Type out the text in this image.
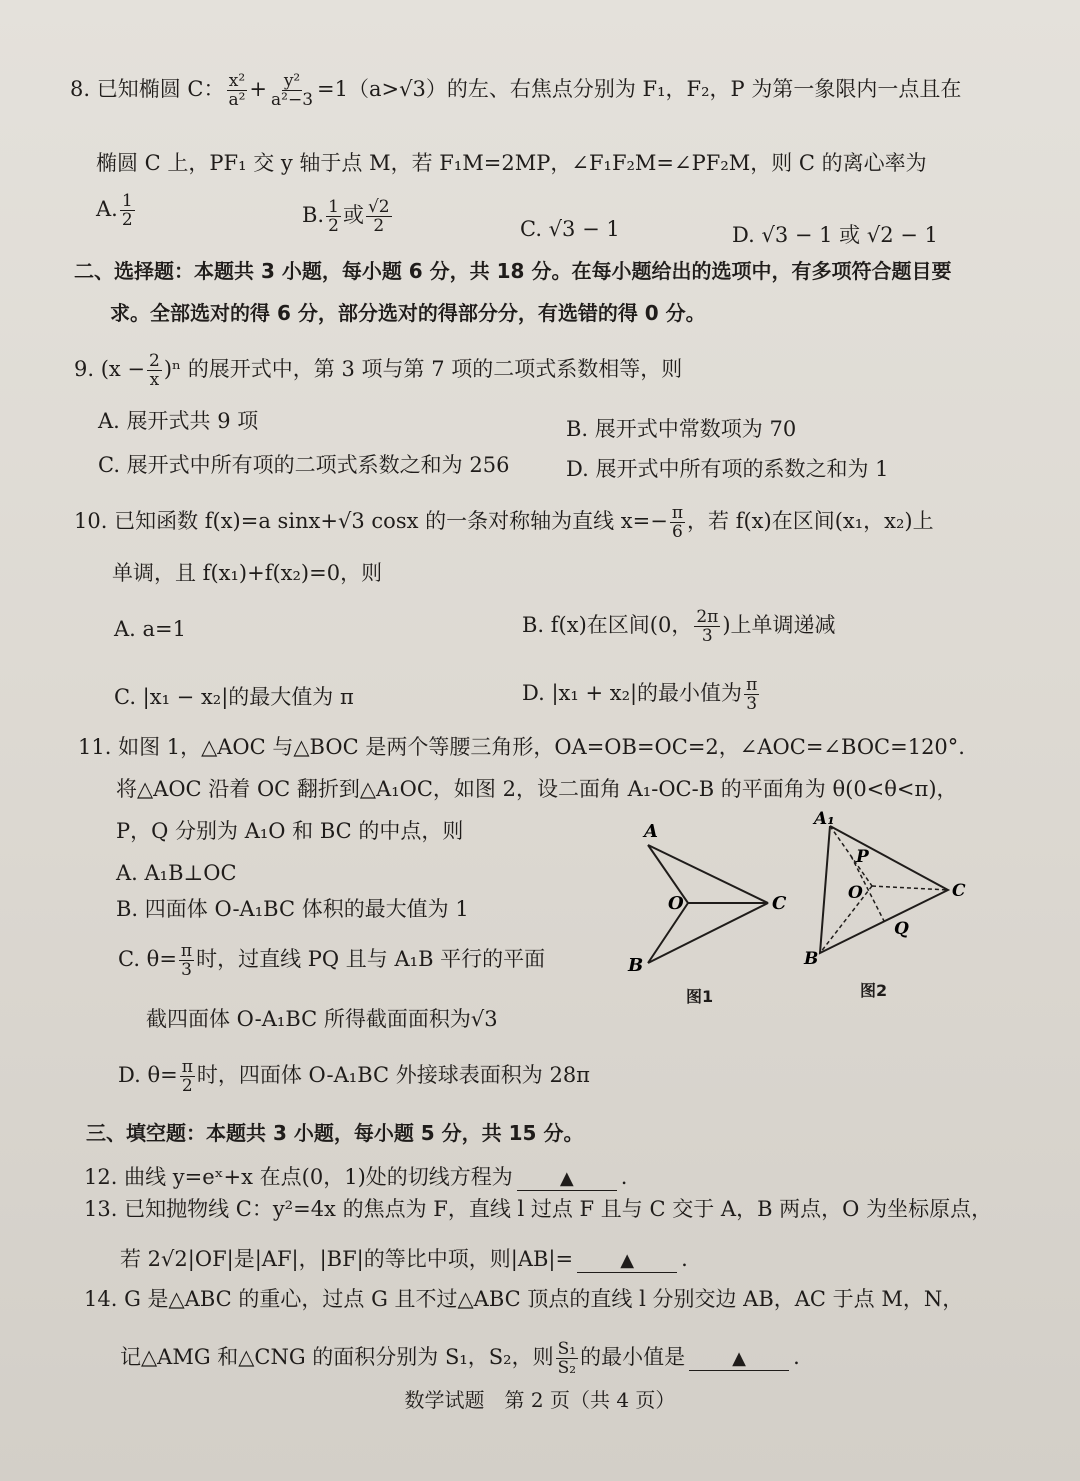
8. 已知椭圆 C： $\frac{\text{x²}}{\text{a²}} + \frac{\text{y²}}{\text{a²−3}} =1(a>√3)$的左、右焦点分别为 F₁，F₂，P 为第一象限内一点且在
椭圆 C 上，PF₁ 交 y 轴于点 M，若 F₁M=2MP，∠F₁F₂M=∠PF₂M，则 C 的离心率为
A. $\frac{1}{2}$	B. $\frac{1}{2}$ 或 $\frac{√2}{2}$	C. √3 − 1	D. √3 − 1 或 √2 − 1
二、选择题：本题共 3 小题，每小题 6 分，共 18 分。在每小题给出的选项中，有多项符合题目要
求。全部选对的得 6 分，部分选对的得部分分，有选错的得 0 分。
9. $(x - \frac{2}{x} )^n$ 的展开式中，第 3 项与第 7 项的二项式系数相等，则
A. 展开式共 9 项	B. 展开式中常数项为 70
C. 展开式中所有项的二项式系数之和为 256	D. 展开式中所有项的系数之和为 1
10. 已知函数 f(x)=a sinx+√3 cosx 的一条对称轴为直线 $x=- \frac{\pi}{6}$ ，若 f(x)在区间(x₁，x₂)上
单调，且 f(x₁)+f(x₂)=0，则
A. a=1	B. f(x)在区间(0， $\frac{2\pi}{3}$ )上单调递减
C. |x₁ − x₂|的最大值为 π	D. |x₁ + x₂|的最小值为 $\frac{\pi}{3}$
11. 如图 1，△AOC 与△BOC 是两个等腰三角形，OA=OB=OC=2，∠AOC=∠BOC=120°.
将△AOC 沿着 OC 翻折到△A₁OC，如图 2，设二面角 A₁-OC-B 的平面角为 θ(0<θ<π)，
P，Q 分别为 A₁O 和 BC 的中点，则
A. A₁B⊥OC
B. 四面体 O-A₁BC 体积的最大值为 1
C. $\theta= \frac{\pi}{3}$ 时，过直线 PQ 且与 A₁B 平行的平面
截四面体 O-A₁BC 所得截面面积为√3
D. $\theta= \frac{\pi}{2}$ 时，四面体 O-A₁BC 外接球表面积为 28π
A
O	C
B
图1
A₁
P
O	C
Q
B
图2
三、填空题：本题共 3 小题，每小题 5 分，共 15 分。
12. 曲线 y=eˣ+x 在点(0，1)处的切线方程为	▲ .
13. 已知抛物线 C：y²=4x 的焦点为 F，直线 l 过点 F 且与 C 交于 A，B 两点，O 为坐标原点，
若 2√2|OF|是|AF|，|BF|的等比中项，则|AB|=	▲ .
14. G 是△ABC 的重心，过点 G 且不过△ABC 顶点的直线 l 分别交边 AB，AC 于点 M，N，
记△AMG 和△CNG 的面积分别为 S₁，S₂，则 $\frac{\text{S₁}}{\text{S₂}}$ 的最小值是	▲ .
数学试题　第 2 页（共 4 页）
